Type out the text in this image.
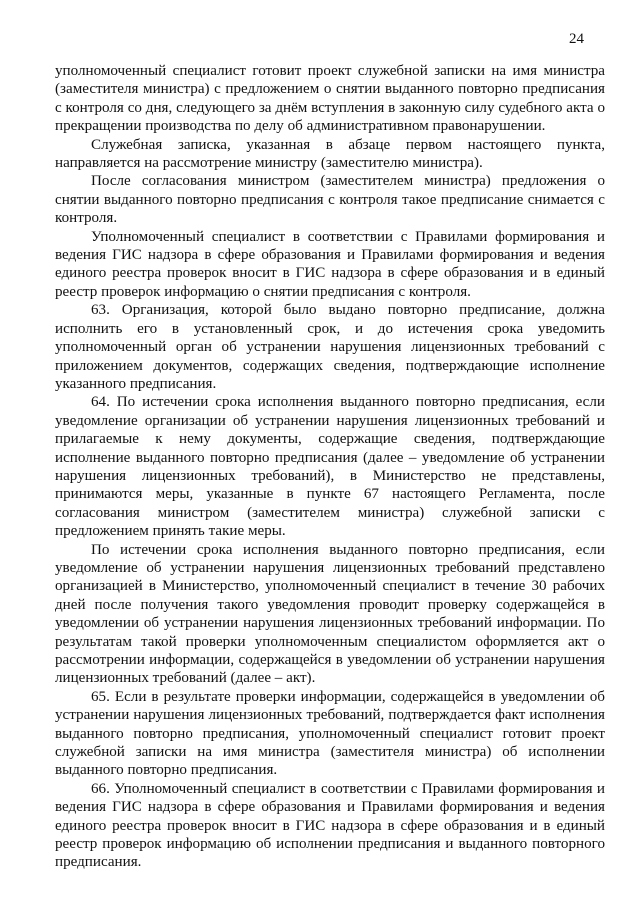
24

уполномоченный специалист готовит проект служебной записки на имя министра (заместителя министра) с предложением о снятии выданного повторно предписания с контроля со дня, следующего за днём вступления в законную силу судебного акта о прекращении производства по делу об административном правонарушении.

Служебная записка, указанная в абзаце первом настоящего пункта, направляется на рассмотрение министру (заместителю министра).

После согласования министром (заместителем министра) предложения о снятии выданного повторно предписания с контроля такое предписание снимается с контроля.

Уполномоченный специалист в соответствии с Правилами формирования и ведения ГИС надзора в сфере образования и Правилами формирования и ведения единого реестра проверок вносит в ГИС надзора в сфере образования и в единый реестр проверок информацию о снятии предписания с контроля.

63. Организация, которой было выдано повторно предписание, должна исполнить его в установленный срок, и до истечения срока уведомить уполномоченный орган об устранении нарушения лицензионных требований с приложением документов, содержащих сведения, подтверждающие исполнение указанного предписания.

64. По истечении срока исполнения выданного повторно предписания, если уведомление организации об устранении нарушения лицензионных требований и прилагаемые к нему документы, содержащие сведения, подтверждающие исполнение выданного повторно предписания (далее – уведомление об устранении нарушения лицензионных требований), в Министерство не представлены, принимаются меры, указанные в пункте 67 настоящего Регламента, после согласования министром (заместителем министра) служебной записки с предложением принять такие меры.

По истечении срока исполнения выданного повторно предписания, если уведомление об устранении нарушения лицензионных требований представлено организацией в Министерство, уполномоченный специалист в течение 30 рабочих дней после получения такого уведомления проводит проверку содержащейся в уведомлении об устранении нарушения лицензионных требований информации. По результатам такой проверки уполномоченным специалистом оформляется акт о рассмотрении информации, содержащейся в уведомлении об устранении нарушения лицензионных требований (далее – акт).

65. Если в результате проверки информации, содержащейся в уведомлении об устранении нарушения лицензионных требований, подтверждается факт исполнения выданного повторно предписания, уполномоченный специалист готовит проект служебной записки на имя министра (заместителя министра) об исполнении выданного повторно предписания.

66. Уполномоченный специалист в соответствии с Правилами формирования и ведения ГИС надзора в сфере образования и Правилами формирования и ведения единого реестра проверок вносит в ГИС надзора в сфере образования и в единый реестр проверок информацию об исполнении предписания и выданного повторного предписания.
